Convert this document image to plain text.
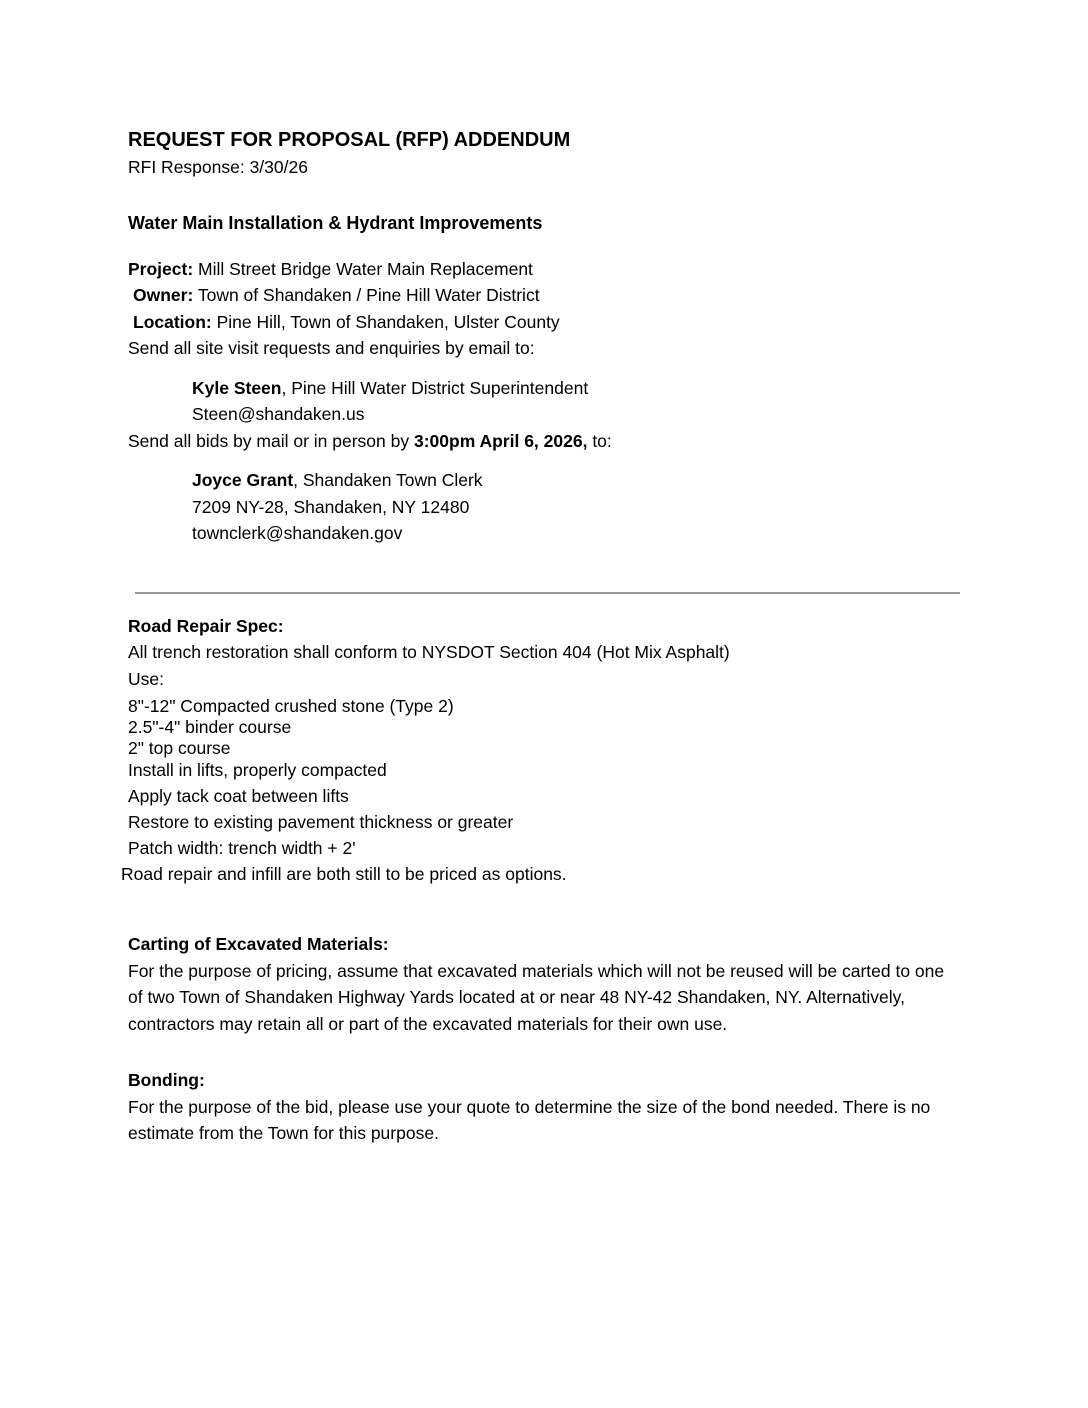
REQUEST FOR PROPOSAL (RFP) ADDENDUM

RFI Response: 3/30/26

Water Main Installation & Hydrant Improvements

Project: Mill Street Bridge Water Main Replacement

Owner: Town of Shandaken / Pine Hill Water District

Location: Pine Hill, Town of Shandaken, Ulster County

Send all site visit requests and enquiries by email to:

Kyle Steen, Pine Hill Water District Superintendent

Steen@shandaken.us

Send all bids by mail or in person by 3:00pm April 6, 2026, to:

Joyce Grant, Shandaken Town Clerk

7209 NY-28, Shandaken, NY 12480

townclerk@shandaken.gov

Road Repair Spec:

All trench restoration shall conform to NYSDOT Section 404 (Hot Mix Asphalt)

Use:

8"-12" Compacted crushed stone (Type 2)

2.5"-4" binder course

2" top course

Install in lifts, properly compacted

Apply tack coat between lifts

Restore to existing pavement thickness or greater

Patch width: trench width + 2'

Road repair and infill are both still to be priced as options.

Carting of Excavated Materials:

For the purpose of pricing, assume that excavated materials which will not be reused will be carted to one of two Town of Shandaken Highway Yards located at or near 48 NY-42 Shandaken, NY. Alternatively, contractors may retain all or part of the excavated materials for their own use.

Bonding:

For the purpose of the bid, please use your quote to determine the size of the bond needed. There is no estimate from the Town for this purpose.
